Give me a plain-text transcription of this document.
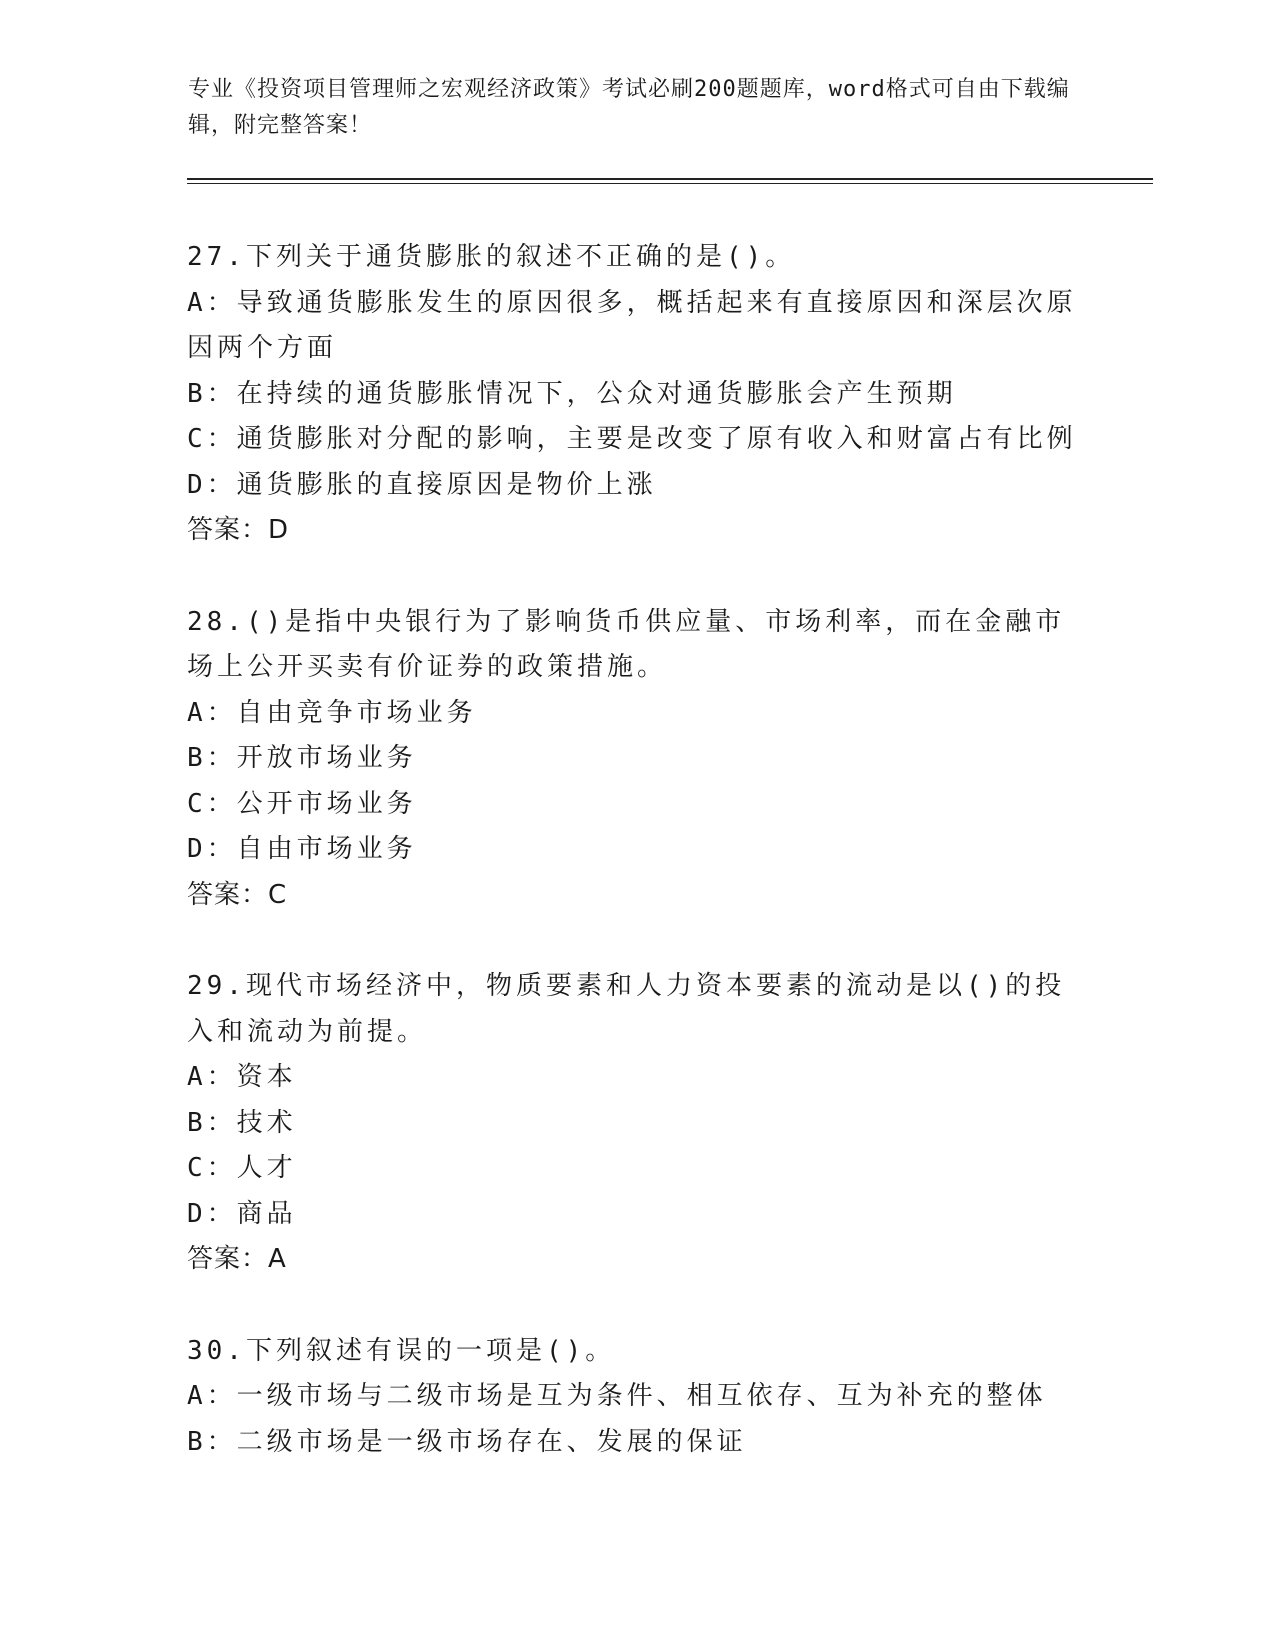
专业《投资项目管理师之宏观经济政策》考试必刷200题题库，word格式可自由下载编辑，附完整答案！
27.下列关于通货膨胀的叙述不正确的是()。
A：导致通货膨胀发生的原因很多，概括起来有直接原因和深层次原因两个方面
B：在持续的通货膨胀情况下，公众对通货膨胀会产生预期
C：通货膨胀对分配的影响，主要是改变了原有收入和财富占有比例
D：通货膨胀的直接原因是物价上涨
答案：D
28.()是指中央银行为了影响货币供应量、市场利率，而在金融市场上公开买卖有价证券的政策措施。
A：自由竞争市场业务
B：开放市场业务
C：公开市场业务
D：自由市场业务
答案：C
29.现代市场经济中，物质要素和人力资本要素的流动是以()的投入和流动为前提。
A：资本
B：技术
C：人才
D：商品
答案：A
30.下列叙述有误的一项是()。
A：一级市场与二级市场是互为条件、相互依存、互为补充的整体
B：二级市场是一级市场存在、发展的保证
